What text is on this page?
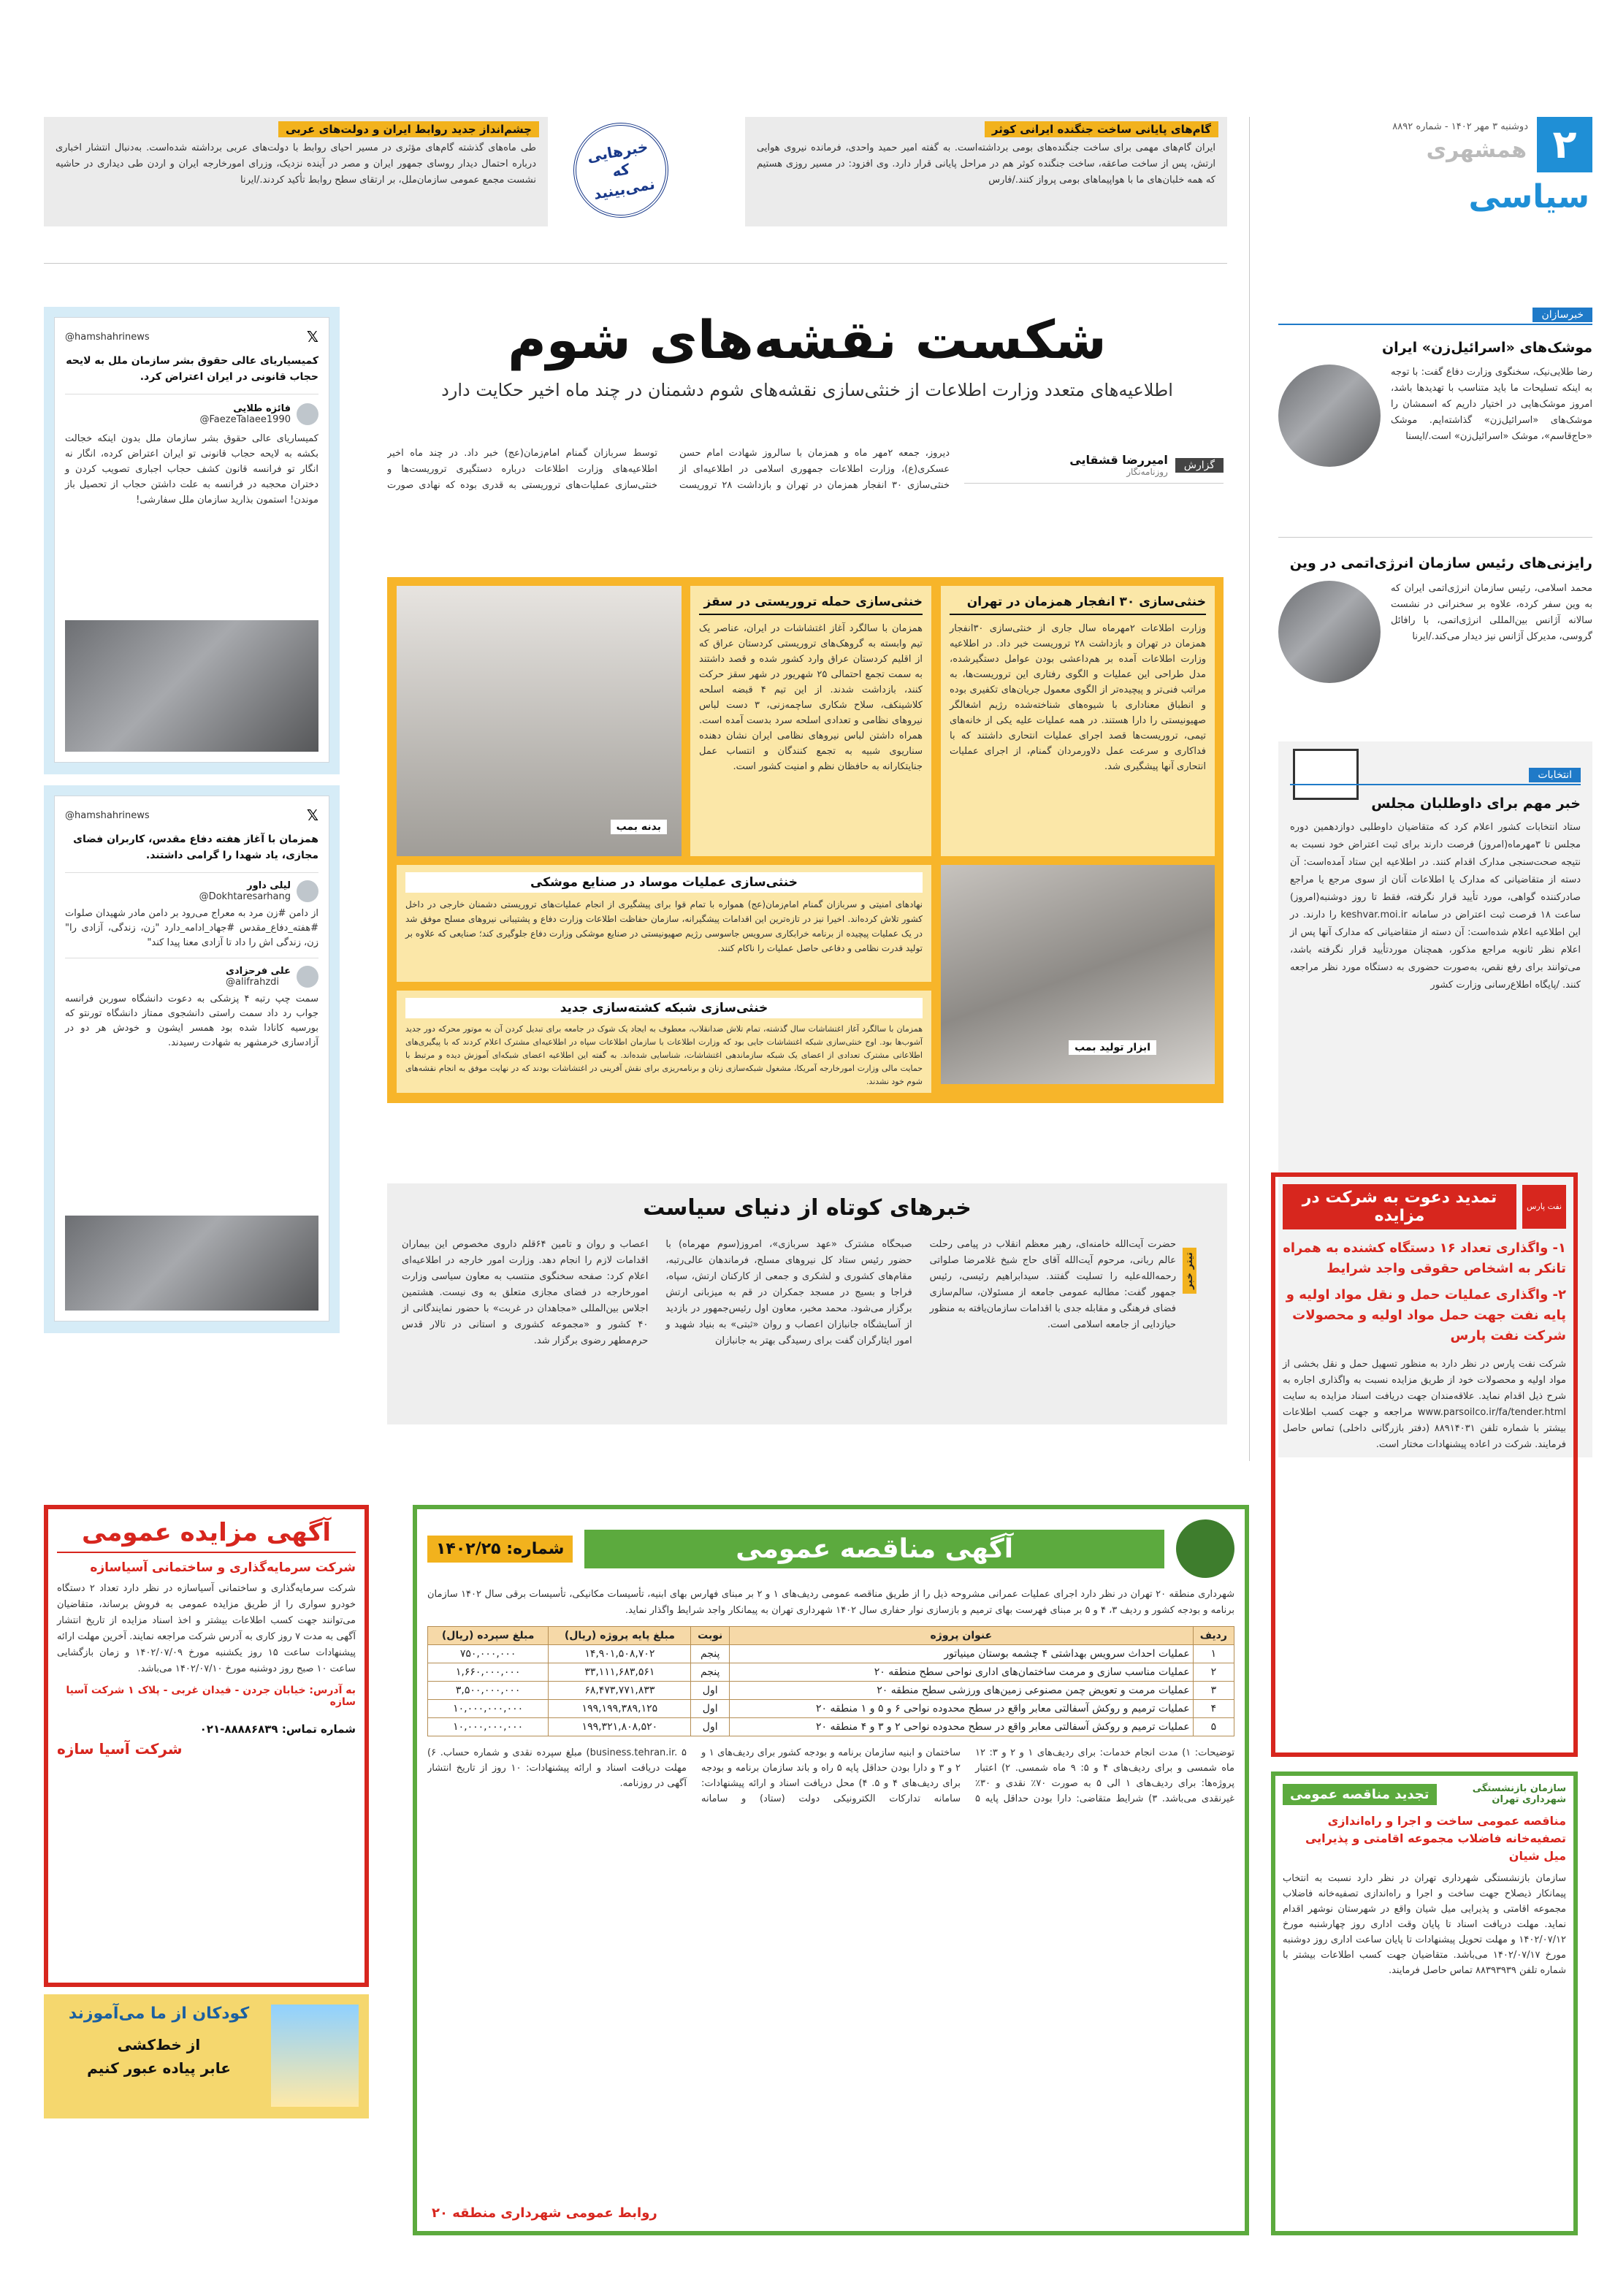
۲
دوشنبه ۳ مهر ۱۴۰۲ - شماره ۸۸۹۲
همشهری
سیاسی
گام‌های پایانی ساخت جنگنده ایرانی کوثر
ایران گام‌های مهمی برای ساخت جنگنده‌های بومی برداشته‌است. به گفته امیر حمید واحدی، فرمانده نیروی هوایی ارتش، پس از ساخت صاعقه، ساخت جنگنده کوثر هم در مراحل پایانی قرار دارد. وی افزود: در مسیر روزی هستیم که همه خلبان‌های ما با هواپیماهای بومی پرواز کنند./فارس
خبرهایی که نمی‌بینید
چشم‌انداز جدید روابط ایران و دولت‌های عربی
طی ماه‌های گذشته گام‌های مؤثری در مسیر احیای روابط با دولت‌های عربی برداشته شده‌است. به‌دنبال انتشار اخباری درباره احتمال دیدار روسای جمهور ایران و مصر در آینده نزدیک، وزرای امورخارجه ایران و اردن طی دیداری در حاشیه نشست مجمع عمومی سازمان‌ملل، بر ارتقای سطح روابط تأکید کردند./ایرنا
خبرسازان
موشک‌های «اسرائیل‌زن» ایران
رضا طلایی‌نیک، سخنگوی وزارت دفاع گفت: با توجه به اینکه تسلیحات ما باید متناسب با تهدیدها باشد، امروز موشک‌هایی در اختیار داریم که اسمشان را موشک‌های «اسرائیل‌زن» گذاشته‌ایم. موشک «حاج‌قاسم»، موشک «اسرائیل‌زن» است./ایسنا
رایزنی‌های رئیس سازمان انرژی‌اتمی در وین
محمد اسلامی، رئیس سازمان انرژی‌اتمی ایران که به وین سفر کرده، علاوه بر سخنرانی در نشست سالانه آژانس بین‌المللی انرژی‌اتمی، با رافائل گروسی، مدیرکل آژانس نیز دیدار می‌کند./ایرنا
انتخابات
خبر مهم برای داوطلبان مجلس
ستاد انتخابات کشور اعلام کرد که متقاضیان داوطلبی دوازدهمین دوره مجلس تا ۳مهرماه(امروز) فرصت دارند برای ثبت اعتراض خود نسبت به نتیجه صحت‌سنجی مدارک اقدام کنند. در اطلاعیه این ستاد آمده‌است: آن دسته از متقاضیانی که مدارک یا اطلاعات آنان از سوی مرجع یا مراجع صادرکننده گواهی، مورد تأیید قرار نگرفته، فقط تا روز دوشنبه(امروز) ساعت ۱۸ فرصت ثبت اعتراض در سامانه keshvar.moi.ir را دارند. در این اطلاعیه اعلام شده‌است: آن دسته از متقاضیانی که مدارک آنها پس از اعلام نظر ثانویه مراجع مذکور، همچنان موردتأیید قرار نگرفته باشد، می‌توانند برای رفع نقص، به‌صورت حضوری به دستگاه مورد نظر مراجعه کنند. /پایگاه اطلاع‌رسانی وزارت کشور
شکست نقشه‌های شوم
اطلاعیه‌های متعدد وزارت اطلاعات از خنثی‌سازی نقشه‌های شوم دشمنان در چند ماه اخیر حکایت دارد
گزارش
امیررضا قشقایی
روزنامه‌نگار
دیروز، جمعه ۲مهر ماه و همزمان با سالروز شهادت امام حسن عسکری(ع)، وزارت اطلاعات جمهوری اسلامی در اطلاعیه‌ای از خنثی‌سازی ۳۰ انفجار همزمان در تهران و بازداشت ۲۸ تروریست توسط سربازان گمنام امام‌زمان(عج) خبر داد. در چند ماه اخیر اطلاعیه‌های وزارت اطلاعات درباره دستگیری تروریست‌ها و خنثی‌سازی عملیات‌های تروریستی به قدری بوده که نهادی صورت
خنثی‌سازی ۳۰ انفجار همزمان در تهران
وزارت اطلاعات ۲مهرماه سال جاری از خنثی‌سازی ۳۰انفجار همزمان در تهران و بازداشت ۲۸ تروریست خبر داد. در اطلاعیه وزارت اطلاعات آمده بر هم‌داعشی بودن عوامل دستگیرشده، مدل طراحی این عملیات و الگوی رفتاری این تروریست‌ها، به مراتب فنی‌تر و پیچیده‌تر از الگوی معمول جریان‌های تکفیری بوده و انطباق معناداری با شیوه‌های شناخته‌شده رژیم اشغالگر صهیونیستی را دارا هستند. در همه عملیات علیه یکی از خانه‌های تیمی، تروریست‌ها قصد اجرای عملیات انتحاری داشتند که با فداکاری و سرعت عمل دلاورمردان گمنام، از اجرای عملیات انتحاری آنها پیشگیری شد.
ابزار تولید بمب
خنثی‌سازی حمله تروریستی در سقز
همزمان با سالگرد آغاز اغتشاشات در ایران، عناصر یک تیم وابسته به گروهک‌های تروریستی کردستان عراق که از اقلیم کردستان عراق وارد کشور شده و قصد داشتند به سمت تجمع احتمالی ۲۵ شهریور در شهر سقز حرکت کنند، بازداشت شدند. از این تیم ۴ قبضه اسلحه کلاشینکف، سلاح شکاری ساچمه‌زنی، ۳ دست لباس نیروهای نظامی و تعدادی اسلحه سرد بدست آمده است. همراه داشتن لباس نیروهای نظامی ایران نشان دهنده سناریوی شبیه به تجمع کنندگان و انتساب عمل جنایتکارانه به حافظان نظم و امنیت کشور است.
بدنه بمب
خنثی‌سازی عملیات موساد در صنایع موشکی
نهادهای امنیتی و سربازان گمنام امام‌زمان(عج) همواره با تمام قوا برای پیشگیری از انجام عملیات‌های تروریستی دشمنان خارجی در داخل کشور تلاش کرده‌اند. اخیرا نیز در تازه‌ترین این اقدامات پیشگیرانه، سازمان حفاظت اطلاعات وزارت دفاع و پشتیبانی نیروهای مسلح موفق شد در یک عملیات پیچیده از برنامه خرابکاری سرویس جاسوسی رژیم صهیونیستی در صنایع موشکی وزارت دفاع جلوگیری کند؛ صنایعی که علاوه بر تولید قدرت نظامی و دفاعی حاصل عملیات را ناکام کنند.
خنثی‌سازی شبکه کشته‌سازی جدید
همزمان با سالگرد آغاز اغتشاشات سال گذشته، تمام تلاش ضدانقلاب، معطوف به ایجاد یک شوک در جامعه برای تبدیل کردن آن به موتور محرکه دور جدید آشوب‌ها بود. اوج خنثی‌سازی شبکه اغتشاشات جایی بود که وزارت اطلاعات با سازمان اطلاعات سپاه در اطلاعیه‌ای مشترک اعلام کردند که با پیگیری‌های اطلاعاتی مشترک تعدادی از اعضای یک شبکه سازماندهی اغتشاشات، شناسایی شده‌اند. به گفته این اطلاعیه اعضای شبکه‌ای آموزش دیده و مرتبط با حمایت مالی وزارت امورخارجه آمریکا، مشغول شبکه‌سازی زنان و برنامه‌ریزی برای نقش آفرینی در اغتشاشات بودند که در نهایت موفق به انجام نقشه‌های شوم خود نشدند.
𝕏
@hamshahrinews
کمیسیاریای عالی حقوق بشر سازمان ملل به لایحه حجاب قانونی در ایران اعتراض کرد.
فائزه طلایی
@FaezeTalaee1990
کمیساریای عالی حقوق بشر سازمان ملل بدون اینکه خجالت بکشه به لایحه حجاب قانونی تو ایران اعتراض کرده، انگار نه انگار تو فرانسه قانون کشف حجاب اجباری تصویب کردن و دختران محجبه در فرانسه به علت داشتن حجاب از تحصیل باز موندن! استمون بذارید سازمان ملل سفارشی!
𝕏
@hamshahrinews
همزمان با آغاز هفته دفاع مقدس، کاربران فضای مجازی، یاد شهدا را گرامی داشتند.
لیلی داور
@Dokhtaresarhang
از دامن #زن مرد به معراج می‌رود بر دامن مادر شهیدان صلوات #هفته_دفاع_مقدس #جهاد_ادامه_دارد "زن، زندگی، آزادی را" زن، زندگی اش را داد تا آزادی معنا پیدا کند"
علی فرحزادی
@alifrahzdi
سمت چپ رتبه ۴ پزشکی به دعوت دانشگاه سوربن فرانسه جواب رد داد سمت راستی دانشجوی ممتاز دانشگاه تورنتو که بورسیه کانادا شده بود همسر ایشون و خودش هر دو در آزادسازی خرمشهر به شهادت رسیدند.
خبرهای کوتاه از دنیای سیاست
تیتر خبر
حضرت آیت‌الله خامنه‌ای، رهبر معظم انقلاب در پیامی رحلت عالم ربانی، مرحوم آیت‌الله آقای حاج شیخ غلامرضا صلواتی رحمه‌الله‌علیه را تسلیت گفتند. سیدابراهیم رئیسی، رئیس جمهور گفت: مطالبه عمومی جامعه از مسئولان، سالم‌سازی فضای فرهنگی و مقابله جدی با اقدامات سازمان‌یافته به منظور حیازدایی از جامعه اسلامی است.
صبحگاه مشترک «عهد سربازی»، امروز(سوم مهرماه) با حضور رئیس ستاد کل نیروهای مسلح، فرماندهان عالی‌رتبه، مقام‌های کشوری و لشکری و جمعی از کارکنان ارتش، سپاه، فراجا و بسیج در مسجد جمکران در قم به میزبانی ارتش برگزار می‌شود. محمد مخبر، معاون اول رئیس‌جمهور در بازدید از آسایشگاه جانبازان اعصاب و روان «ثبتی» به بنیاد شهید و امور ایثارگران گفت برای رسیدگی بهتر به جانبازان
اعصاب و روان و تامین ۶۴قلم داروی مخصوص این بیماران اقدامات لازم را انجام دهد. وزارت امور خارجه در اطلاعیه‌ای اعلام کرد: صفحه سخنگوی منتسب به معاون سیاسی وزارت امورخارجه در فضای مجازی متعلق به وی نیست. هشتمین اجلاس بین‌المللی «مجاهدان در غربت» با حضور نمایندگانی از ۴۰ کشور و «مجموعه کشوری و استانی در تالار قدس حرم‌مطهر رضوی برگزار شد.
نفت پارس
تمدید دعوت به شرکت در مزایده
۱- واگذاری تعداد ۱۶ دستگاه کشنده به همراه تانکر به اشخاص حقوقی واجد شرایط
۲- واگذاری عملیات حمل و نقل مواد اولیه و پایه نفت جهت حمل مواد اولیه و محصولات شرکت نفت پارس
شرکت نفت پارس در نظر دارد به منظور تسهیل حمل و نقل بخشی از مواد اولیه و محصولات خود از طریق مزایده نسبت به واگذاری اجاره به شرح ذیل اقدام نماید. علاقه‌مندان جهت دریافت اسناد مزایده به سایت www.parsoilco.ir/fa/tender.html مراجعه و جهت کسب اطلاعات بیشتر با شماره تلفن ۸۸۹۱۴۰۳۱ (دفتر بازرگانی داخلی) تماس حاصل فرمایند. شرکت در اعاده پیشنهادات مختار است.
آگهی مناقصه عمومی
شماره: ۱۴۰۲/۲۵
شهرداری منطقه ۲۰ تهران در نظر دارد اجرای عملیات عمرانی مشروحه ذیل را از طریق مناقصه عمومی ردیف‌های ۱ و ۲ بر مبنای فهارس بهای ابنیه، تأسیسات مکانیکی، تأسیسات برقی سال ۱۴۰۲ سازمان برنامه و بودجه کشور و ردیف ۳، ۴ و ۵ بر مبنای فهرست بهای ترمیم و بازسازی نوار حفاری سال ۱۴۰۲ شهرداری تهران به پیمانکار واجد شرایط واگذار نماید.
ردیف	عنوان پروژه	نوبت	مبلغ پایه پروژه (ریال)	مبلغ سپرده (ریال)
۱	عملیات احداث سرویس بهداشتی ۴ چشمه بوستان مینیاتور	پنجم	۱۴,۹۰۱,۵۰۸,۷۰۲	۷۵۰,۰۰۰,۰۰۰
۲	عملیات مناسب سازی و مرمت ساختمان‌های اداری نواحی سطح منطقه ۲۰	پنجم	۳۳,۱۱۱,۶۸۳,۵۶۱	۱,۶۶۰,۰۰۰,۰۰۰
۳	عملیات مرمت و تعویض چمن مصنوعی زمین‌های ورزشی سطح منطقه ۲۰	اول	۶۸,۴۷۳,۷۷۱,۸۳۳	۳,۵۰۰,۰۰۰,۰۰۰
۴	عملیات ترمیم و روکش آسفالتی معابر واقع در سطح محدوده نواحی ۶ و ۵ و ۱ منطقه ۲۰	اول	۱۹۹,۱۹۹,۳۸۹,۱۲۵	۱۰,۰۰۰,۰۰۰,۰۰۰
۵	عملیات ترمیم و روکش آسفالتی معابر واقع در سطح محدوده نواحی ۲ و ۳ و ۴ منطقه ۲۰	اول	۱۹۹,۳۲۱,۸۰۸,۵۲۰	۱۰,۰۰۰,۰۰۰,۰۰۰
توضیحات: ۱) مدت انجام خدمات: برای ردیف‌های ۱ و ۲ و ۳: ۱۲ ماه شمسی و برای ردیف‌های ۴ و ۵: ۹ ماه شمسی. ۲) اعتبار پروژه‌ها: برای ردیف‌های ۱ الی ۵ به صورت ۷۰٪ نقدی و ۳۰٪ غیرنقدی می‌باشد. ۳) شرایط متقاضی: دارا بودن حداقل پایه ۵ ساختمان و ابنیه سازمان برنامه و بودجه کشور برای ردیف‌های ۱ و ۲ و ۳ و دارا بودن حداقل پایه ۵ راه و باند سازمان برنامه و بودجه برای ردیف‌های ۴ و ۵. ۴) محل دریافت اسناد و ارائه پیشنهادات: سامانه تدارکات الکترونیکی دولت (ستاد) و سامانه business.tehran.ir. ۵) مبلغ سپرده نقدی و شماره حساب. ۶) مهلت دریافت اسناد و ارائه پیشنهادات: ۱۰ روز از تاریخ انتشار آگهی در روزنامه.
روابط عمومی شهرداری منطقه ۲۰
آگهی مزایده عمومی
شرکت سرمایه‌گذاری و ساختمانی آسیاسازه
شرکت سرمایه‌گذاری و ساختمانی آسیاسازه در نظر دارد تعداد ۲ دستگاه خودرو سواری را از طریق مزایده عمومی به فروش برساند، متقاضیان می‌توانند جهت کسب اطلاعات بیشتر و اخذ اسناد مزایده از تاریخ انتشار آگهی به مدت ۷ روز کاری به آدرس شرکت مراجعه نمایند. آخرین مهلت ارائه پیشنهادات ساعت ۱۵ روز یکشنبه مورخ ۱۴۰۲/۰۷/۰۹ و زمان بازگشایی ساعت ۱۰ صبح روز دوشنبه مورخ ۱۴۰۲/۰۷/۱۰ می‌باشد.
به آدرس: خیابان جردن - فیدان غربی - پلاک ۱ شرکت آسیا سازه
شماره تماس: ۸۸۸۸۶۸۳۹-۰۲۱
شرکت آسیا سازه
کودکان از ما می‌آموزند
از خط‌کشی
عابر پیاده عبور کنیم
سازمان بازنشستگی شهرداری تهران
تجدید مناقصه عمومی
مناقصه عمومی ساخت و اجرا و راه‌اندازی تصفیه‌خانه فاضلاب مجموعه اقامتی و پذیرایی میل شیان
سازمان بازنشستگی شهرداری تهران در نظر دارد نسبت به انتخاب پیمانکار ذیصلاح جهت ساخت و اجرا و راه‌اندازی تصفیه‌خانه فاضلاب مجموعه اقامتی و پذیرایی میل شیان واقع در شهرستان نوشهر اقدام نماید. مهلت دریافت اسناد تا پایان وقت اداری روز چهارشنبه مورخ ۱۴۰۲/۰۷/۱۲ و مهلت تحویل پیشنهادات تا پایان ساعت اداری روز دوشنبه مورخ ۱۴۰۲/۰۷/۱۷ می‌باشد. متقاضیان جهت کسب اطلاعات بیشتر با شماره تلفن ۸۸۳۹۳۹۳۹ تماس حاصل فرمایند.
